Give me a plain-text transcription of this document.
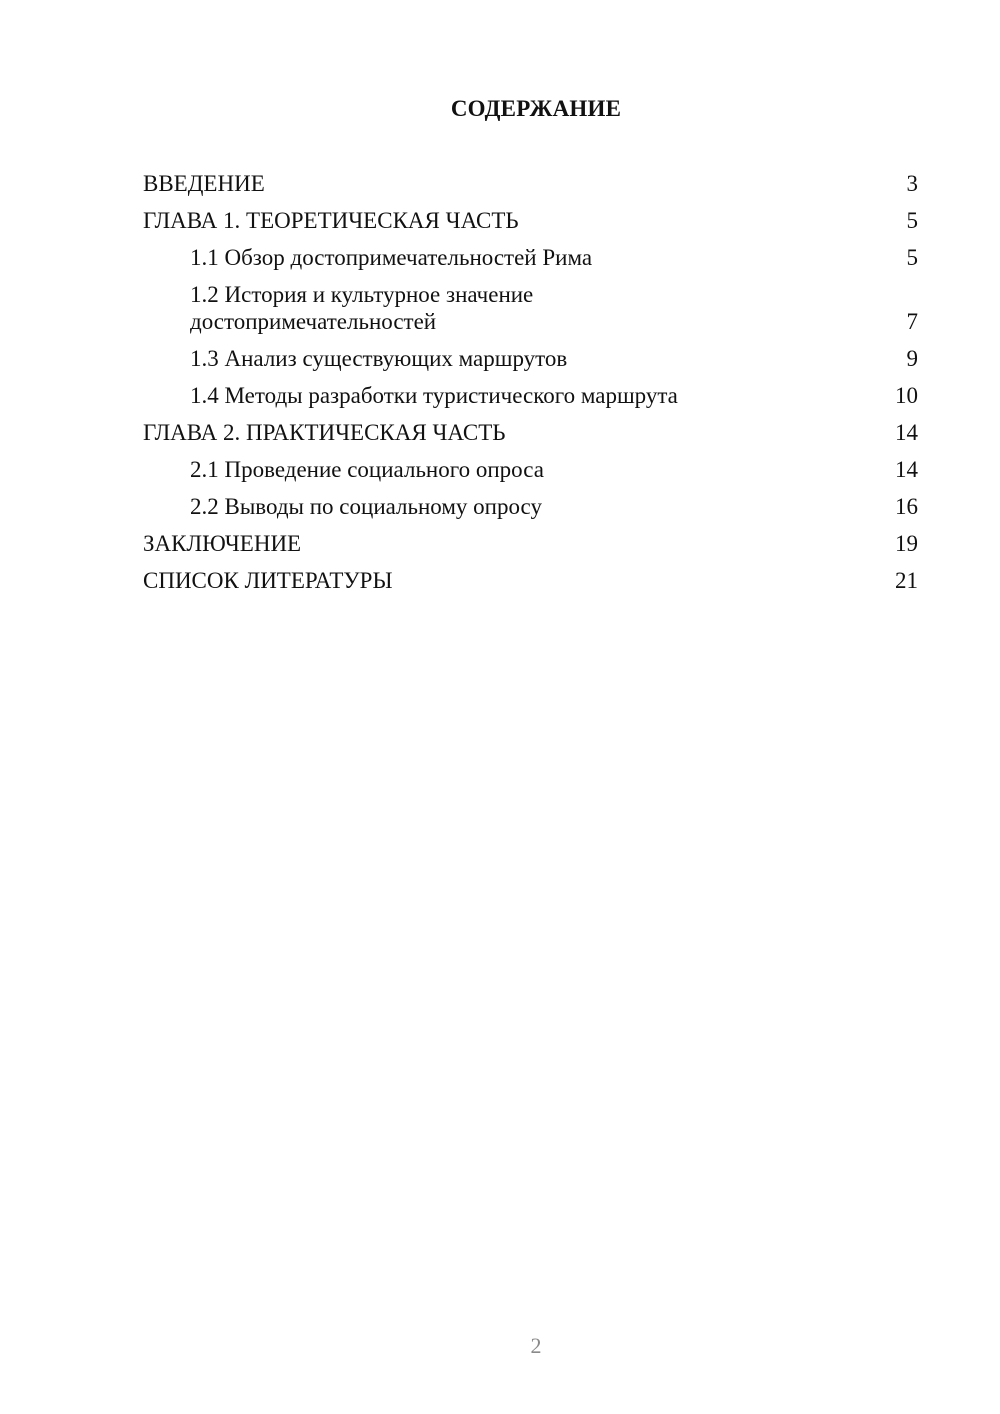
СОДЕРЖАНИЕ
ВВЕДЕНИЕ	3
ГЛАВА 1. ТЕОРЕТИЧЕСКАЯ ЧАСТЬ	5
1.1 Обзор достопримечательностей Рима	5
1.2 История и культурное значение достопримечательностей	7
1.3 Анализ существующих маршрутов	9
1.4 Методы разработки туристического маршрута	10
ГЛАВА 2. ПРАКТИЧЕСКАЯ ЧАСТЬ	14
2.1 Проведение социального опроса	14
2.2 Выводы по социальному опросу	16
ЗАКЛЮЧЕНИЕ	19
СПИСОК ЛИТЕРАТУРЫ	21
2
